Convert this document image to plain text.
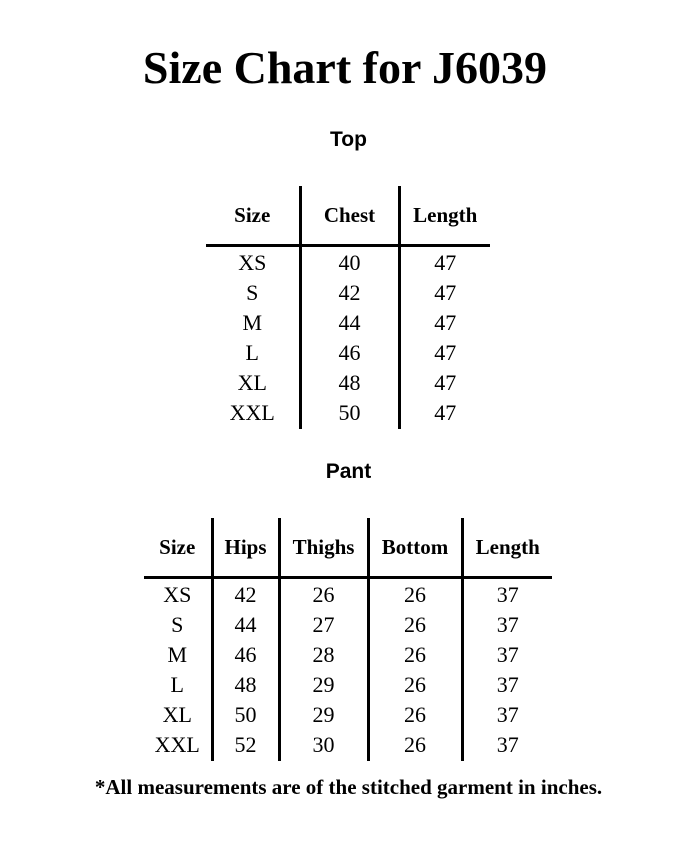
Size Chart for J6039
Top
Size	Chest	Length
XS	40	47
S	42	47
M	44	47
L	46	47
XL	48	47
XXL	50	47
Pant
Size	Hips	Thighs	Bottom	Length
XS	42	26	26	37
S	44	27	26	37
M	46	28	26	37
L	48	29	26	37
XL	50	29	26	37
XXL	52	30	26	37

*All measurements are of the stitched garment in inches.
